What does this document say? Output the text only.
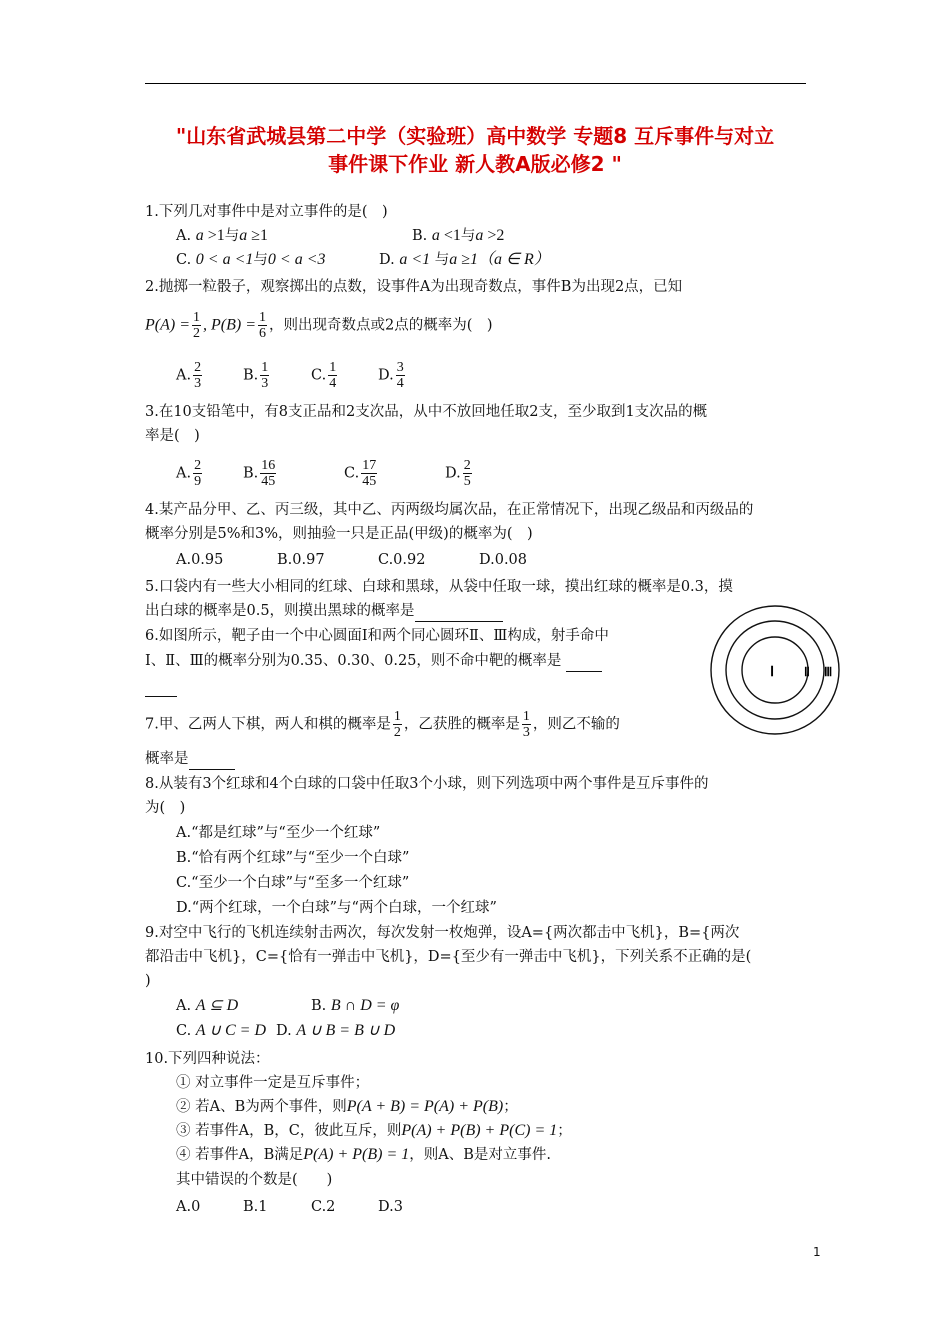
"山东省武城县第二中学（实验班）高中数学 专题8 互斥事件与对立
事件课下作业 新人教A版必修2 "
1.下列几对事件中是对立事件的是(　)
A. a >1与a ≥1	B. a <1与a >2
C. 0 < a <1与0 < a <3	D. a <1 与a ≥1（a ∈ R）
2.抛掷一粒骰子，观察掷出的点数，设事件A为出现奇数点，事件B为出现2点，已知
$P(A) = \frac{1}{2}$ , $P(B) = \frac{1}{6}$ ，则出现奇数点或2点的概率为(　)
A. $\frac{2}{3}$	B. $\frac{1}{3}$	C. $\frac{1}{4}$	D. $\frac{3}{4}$
3.在10支铅笔中，有8支正品和2支次品，从中不放回地任取2支，至少取到1支次品的概
率是(　)
A. $\frac{2}{9}$	B. $\frac{16}{45}$	C. $\frac{17}{45}$	D. $\frac{2}{5}$
4.某产品分甲、乙、丙三级，其中乙、丙两级均属次品，在正常情况下，出现乙级品和丙级品的
概率分别是5%和3%，则抽验一只是正品(甲级)的概率为(　)
A.0.95	B.0.97	C.0.92	D.0.08
5.口袋内有一些大小相同的红球、白球和黑球，从袋中任取一球，摸出红球的概率是0.3，摸
出白球的概率是0.5，则摸出黑球的概率是
6.如图所示，靶子由一个中心圆面Ⅰ和两个同心圆环Ⅱ、Ⅲ构成，射手命中
Ⅰ、Ⅱ、Ⅲ的概率分别为0.35、0.30、0.25，则不命中靶的概率是

Ⅰ Ⅱ Ⅲ
7.甲、乙两人下棋，两人和棋的概率是 $\frac{1}{2}$ ，乙获胜的概率是 $\frac{1}{3}$ ，则乙不输的
概率是
8.从装有3个红球和4个白球的口袋中任取3个小球，则下列选项中两个事件是互斥事件的
为(　)
A.“都是红球”与“至少一个红球”
B.“恰有两个红球”与“至少一个白球”
C.“至少一个白球”与“至多一个红球”
D.“两个红球，一个白球”与“两个白球，一个红球”
9.对空中飞行的飞机连续射击两次，每次发射一枚炮弹，设A={两次都击中飞机}，B={两次
都沿击中飞机}，C={恰有一弹击中飞机}，D={至少有一弹击中飞机}，下列关系不正确的是(
)
A. A ⊆ D	B. B ∩ D = φ
C. A ∪ C = D D. A ∪ B = B ∪ D
10.下列四种说法：
① 对立事件一定是互斥事件；
② 若A、B为两个事件，则P(A + B) = P(A) + P(B)；
③ 若事件A，B，C，彼此互斥，则P(A) + P(B) + P(C) = 1；
④ 若事件A，B满足P(A) + P(B) = 1，则A、B是对立事件.
其中错误的个数是(　　)
A.0	B.1	C.2	D.3
1
